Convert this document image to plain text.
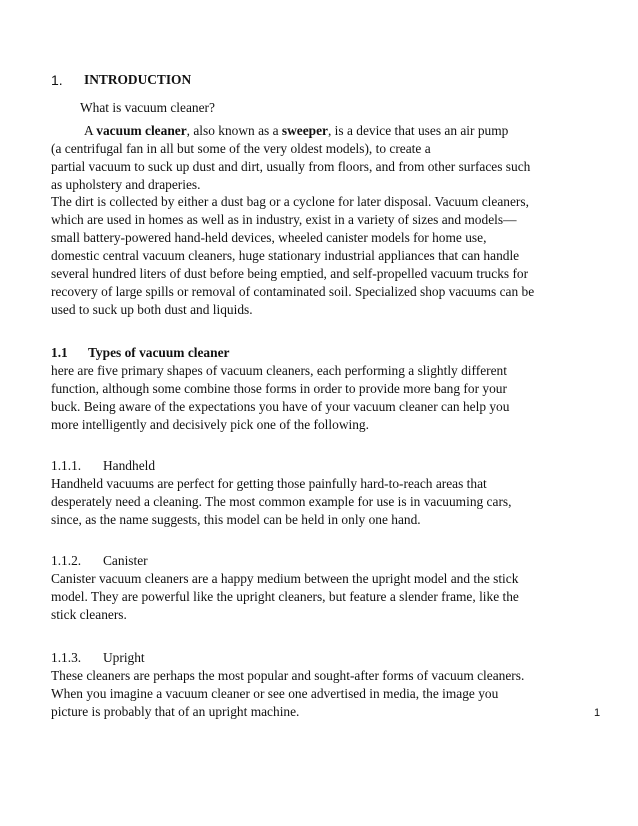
1. INTRODUCTION
What is vacuum cleaner?
A vacuum cleaner, also known as a sweeper, is a device that uses an air pump
(a centrifugal fan in all but some of the very oldest models), to create a
partial vacuum to suck up dust and dirt, usually from floors, and from other surfaces such
as upholstery and draperies.
The dirt is collected by either a dust bag or a cyclone for later disposal. Vacuum cleaners,
which are used in homes as well as in industry, exist in a variety of sizes and models—
small battery-powered hand-held devices, wheeled canister models for home use,
domestic central vacuum cleaners, huge stationary industrial appliances that can handle
several hundred liters of dust before being emptied, and self-propelled vacuum trucks for
recovery of large spills or removal of contaminated soil. Specialized shop vacuums can be
used to suck up both dust and liquids.
1.1 Types of vacuum cleaner
here are five primary shapes of vacuum cleaners, each performing a slightly different
function, although some combine those forms in order to provide more bang for your
buck. Being aware of the expectations you have of your vacuum cleaner can help you
more intelligently and decisively pick one of the following.
1.1.1. Handheld
Handheld vacuums are perfect for getting those painfully hard-to-reach areas that
desperately need a cleaning. The most common example for use is in vacuuming cars,
since, as the name suggests, this model can be held in only one hand.
1.1.2. Canister
Canister vacuum cleaners are a happy medium between the upright model and the stick
model. They are powerful like the upright cleaners, but feature a slender frame, like the
stick cleaners.
1.1.3. Upright
These cleaners are perhaps the most popular and sought-after forms of vacuum cleaners.
When you imagine a vacuum cleaner or see one advertised in media, the image you
picture is probably that of an upright machine.	1
